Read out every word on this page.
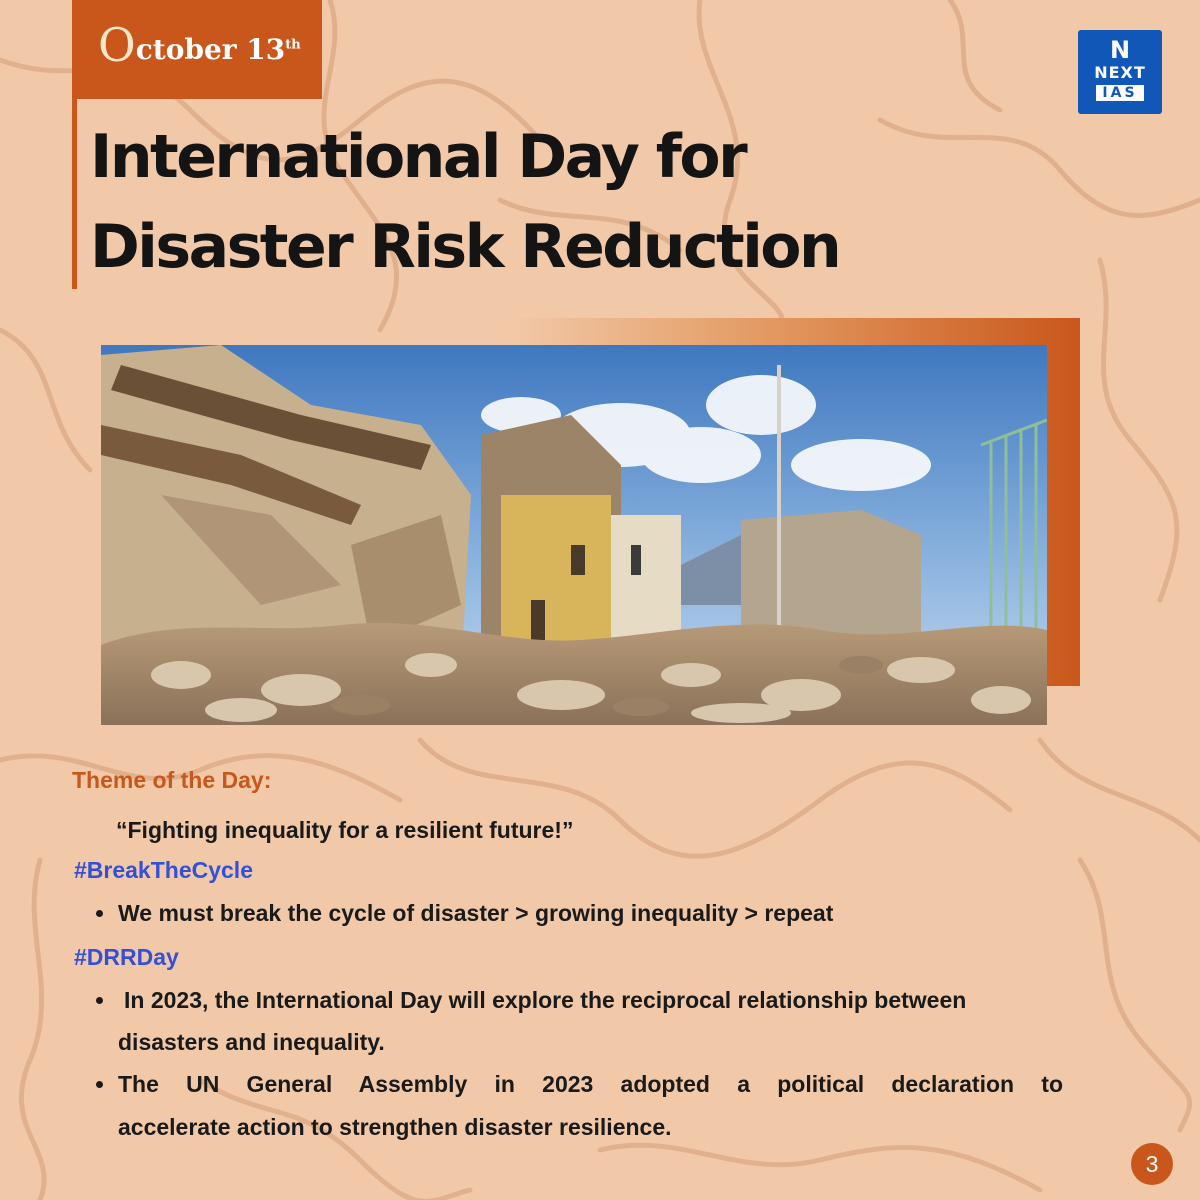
October 13th
International Day for
Disaster Risk Reduction
N
NEXT
IAS

Theme of the Day:

“Fighting inequality for a resilient future!”

#BreakTheCycle

We must break the cycle of disaster > growing inequality > repeat

#DRRDay

In 2023, the International Day will explore the reciprocal relationship between

disasters and inequality.

The UN General Assembly in 2023 adopted a political declaration to

accelerate action to strengthen disaster resilience.

3
